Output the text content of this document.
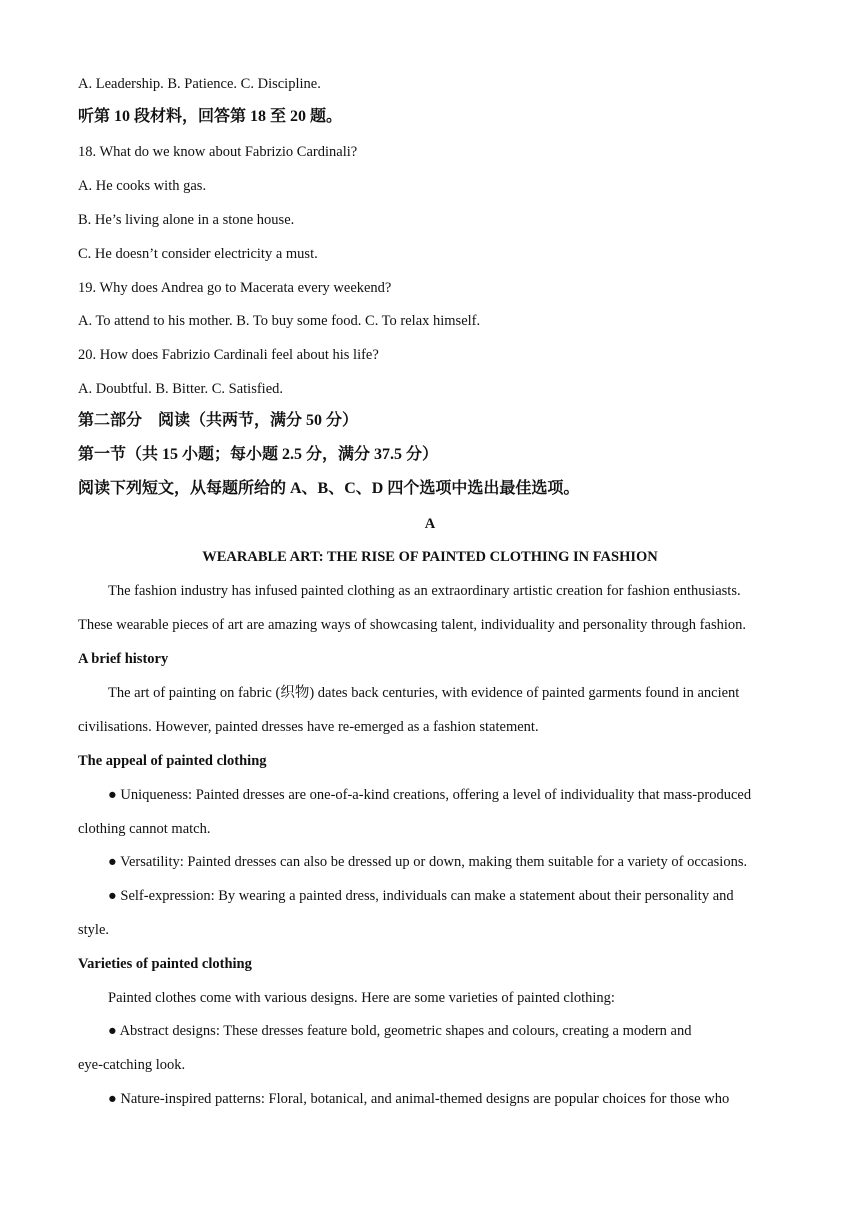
A. Leadership. B. Patience. C. Discipline.
听第 10 段材料，回答第 18 至 20 题。
18. What do we know about Fabrizio Cardinali?
A. He cooks with gas.
B. He’s living alone in a stone house.
C. He doesn’t consider electricity a must.
19. Why does Andrea go to Macerata every weekend?
A. To attend to his mother. B. To buy some food. C. To relax himself.
20. How does Fabrizio Cardinali feel about his life?
A. Doubtful. B. Bitter. C. Satisfied.
第二部分　阅读（共两节，满分 50 分）
第一节（共 15 小题；每小题 2.5 分，满分 37.5 分）
阅读下列短文，从每题所给的 A、B、C、D 四个选项中选出最佳选项。
A
WEARABLE ART: THE RISE OF PAINTED CLOTHING IN FASHION
The fashion industry has infused painted clothing as an extraordinary artistic creation for fashion enthusiasts.
These wearable pieces of art are amazing ways of showcasing talent, individuality and personality through fashion.
A brief history
The art of painting on fabric (织物) dates back centuries, with evidence of painted garments found in ancient
civilisations. However, painted dresses have re-emerged as a fashion statement.
The appeal of painted clothing
● Uniqueness: Painted dresses are one-of-a-kind creations, offering a level of individuality that mass-produced
clothing cannot match.
● Versatility: Painted dresses can also be dressed up or down, making them suitable for a variety of occasions.
● Self-expression: By wearing a painted dress, individuals can make a statement about their personality and
style.
Varieties of painted clothing
Painted clothes come with various designs. Here are some varieties of painted clothing:
● Abstract designs: These dresses feature bold, geometric shapes and colours, creating a modern and
eye-catching look.
● Nature-inspired patterns: Floral, botanical, and animal-themed designs are popular choices for those who
